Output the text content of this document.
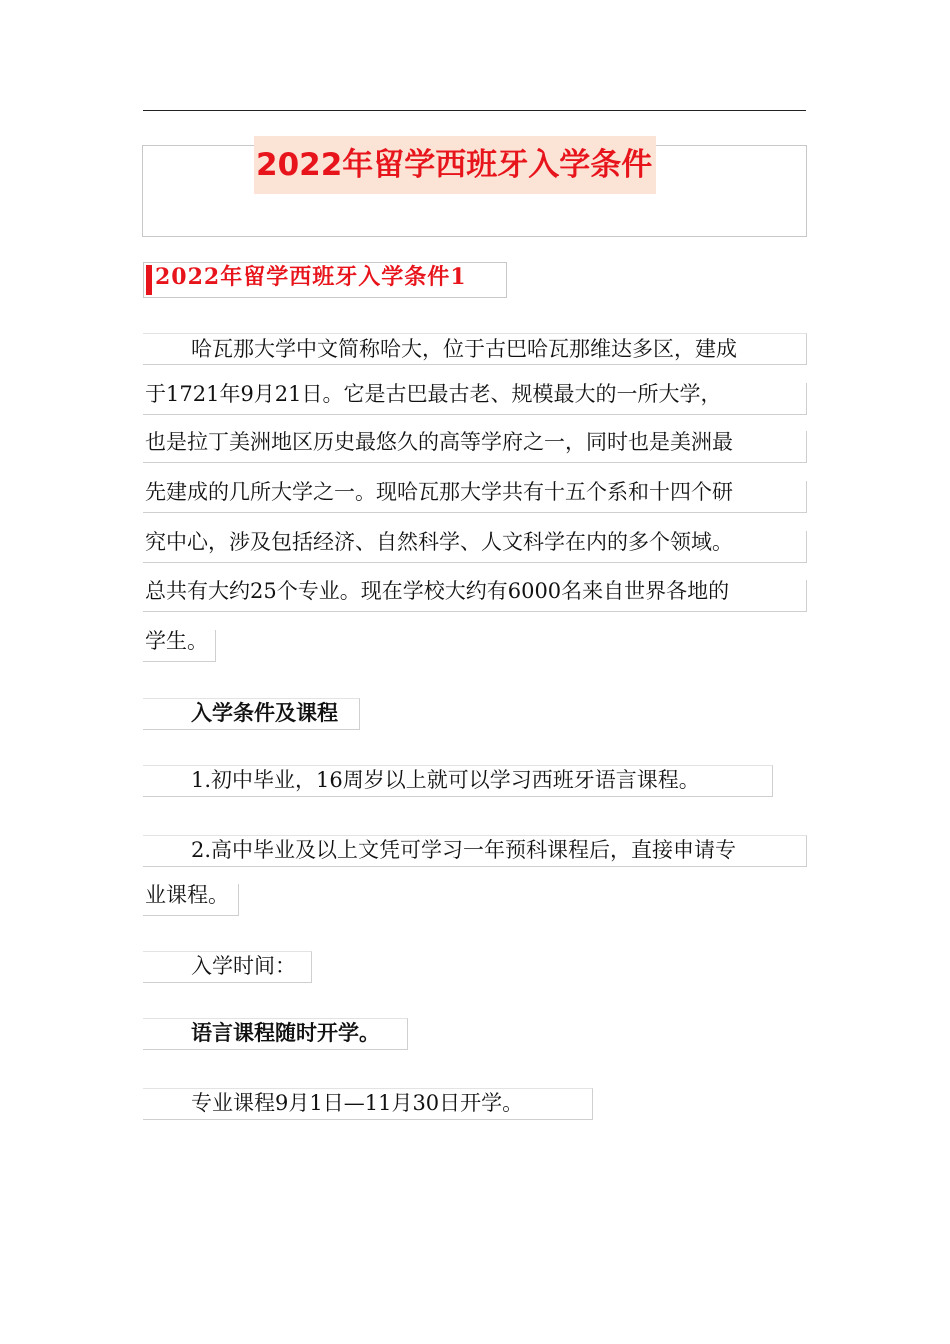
2022年留学西班牙入学条件
2022年留学西班牙入学条件1
哈瓦那大学中文简称哈大，位于古巴哈瓦那维达多区，建成
于1721年9月21日。它是古巴最古老、规模最大的一所大学，
也是拉丁美洲地区历史最悠久的高等学府之一，同时也是美洲最
先建成的几所大学之一。现哈瓦那大学共有十五个系和十四个研
究中心，涉及包括经济、自然科学、人文科学在内的多个领域。
总共有大约25个专业。现在学校大约有6000名来自世界各地的
学生。
入学条件及课程
1.初中毕业，16周岁以上就可以学习西班牙语言课程。
2.高中毕业及以上文凭可学习一年预科课程后，直接申请专
业课程。
入学时间：
语言课程随时开学。
专业课程9月1日—11月30日开学。
